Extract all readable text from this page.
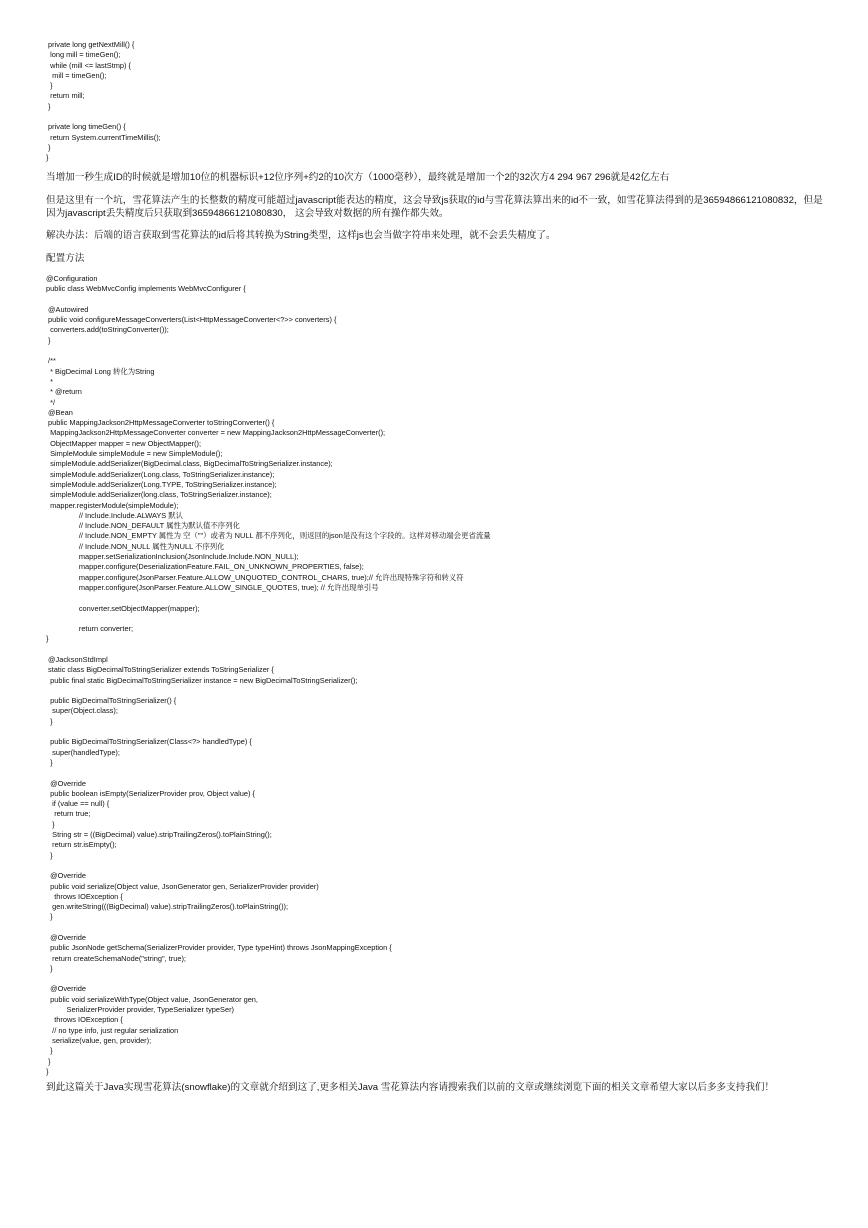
private long getNextMill() {
long mill = timeGen();
while (mill <= lastStmp) {
mill = timeGen();
}
return mill;
}
private long timeGen() {
return System.currentTimeMillis();
}
}

当增加一秒生成ID的时候就是增加10位的机器标识+12位序列+约2的10次方（1000毫秒），最终就是增加一个2的32次方4 294 967 296就是42亿左右

但是这里有一个坑，雪花算法产生的长整数的精度可能超过javascript能表达的精度，这会导致js获取的id与雪花算法算出来的id不一致，如雪花算法得到的是36594866121080832，但是因为javascript丢失精度后只获取到36594866121080830， 这会导致对数据的所有操作都失效。

解决办法：后端的语言获取到雪花算法的id后将其转换为String类型，这样js也会当做字符串来处理，就不会丢失精度了。

配置方法

@Configuration
public class WebMvcConfig implements WebMvcConfigurer {
@Autowired
public void configureMessageConverters(List<HttpMessageConverter<?>> converters) {
converters.add(toStringConverter());
}
/**
* BigDecimal Long 转化为String
*
* @return
*/
@Bean
public MappingJackson2HttpMessageConverter toStringConverter() {
MappingJackson2HttpMessageConverter converter = new MappingJackson2HttpMessageConverter();
ObjectMapper mapper = new ObjectMapper();
SimpleModule simpleModule = new SimpleModule();
simpleModule.addSerializer(BigDecimal.class, BigDecimalToStringSerializer.instance);
simpleModule.addSerializer(Long.class, ToStringSerializer.instance);
simpleModule.addSerializer(Long.TYPE, ToStringSerializer.instance);
simpleModule.addSerializer(long.class, ToStringSerializer.instance);
mapper.registerModule(simpleModule);
// Include.Include.ALWAYS 默认
// Include.NON_DEFAULT 属性为默认值不序列化
// Include.NON_EMPTY 属性为 空（""）或者为 NULL 都不序列化，则返回的json是没有这个字段的。这样对移动端会更省流量
// Include.NON_NULL 属性为NULL 不序列化
mapper.setSerializationInclusion(JsonInclude.Include.NON_NULL);
mapper.configure(DeserializationFeature.FAIL_ON_UNKNOWN_PROPERTIES, false);
mapper.configure(JsonParser.Feature.ALLOW_UNQUOTED_CONTROL_CHARS, true);// 允许出现特殊字符和转义符
mapper.configure(JsonParser.Feature.ALLOW_SINGLE_QUOTES, true); // 允许出现单引号
converter.setObjectMapper(mapper);
return converter;
}
@JacksonStdImpl
static class BigDecimalToStringSerializer extends ToStringSerializer {
public final static BigDecimalToStringSerializer instance = new BigDecimalToStringSerializer();
public BigDecimalToStringSerializer() {
super(Object.class);
}
public BigDecimalToStringSerializer(Class<?> handledType) {
super(handledType);
}
@Override
public boolean isEmpty(SerializerProvider prov, Object value) {
if (value == null) {
return true;
}
String str = ((BigDecimal) value).stripTrailingZeros().toPlainString();
return str.isEmpty();
}
@Override
public void serialize(Object value, JsonGenerator gen, SerializerProvider provider)
throws IOException {
gen.writeString(((BigDecimal) value).stripTrailingZeros().toPlainString());
}
@Override
public JsonNode getSchema(SerializerProvider provider, Type typeHint) throws JsonMappingException {
return createSchemaNode("string", true);
}
@Override
public void serializeWithType(Object value, JsonGenerator gen,
SerializerProvider provider, TypeSerializer typeSer)
throws IOException {
// no type info, just regular serialization
serialize(value, gen, provider);
}
}
}

到此这篇关于Java实现雪花算法(snowflake)的文章就介绍到这了,更多相关Java 雪花算法内容请搜索我们以前的文章或继续浏览下面的相关文章希望大家以后多多支持我们！
